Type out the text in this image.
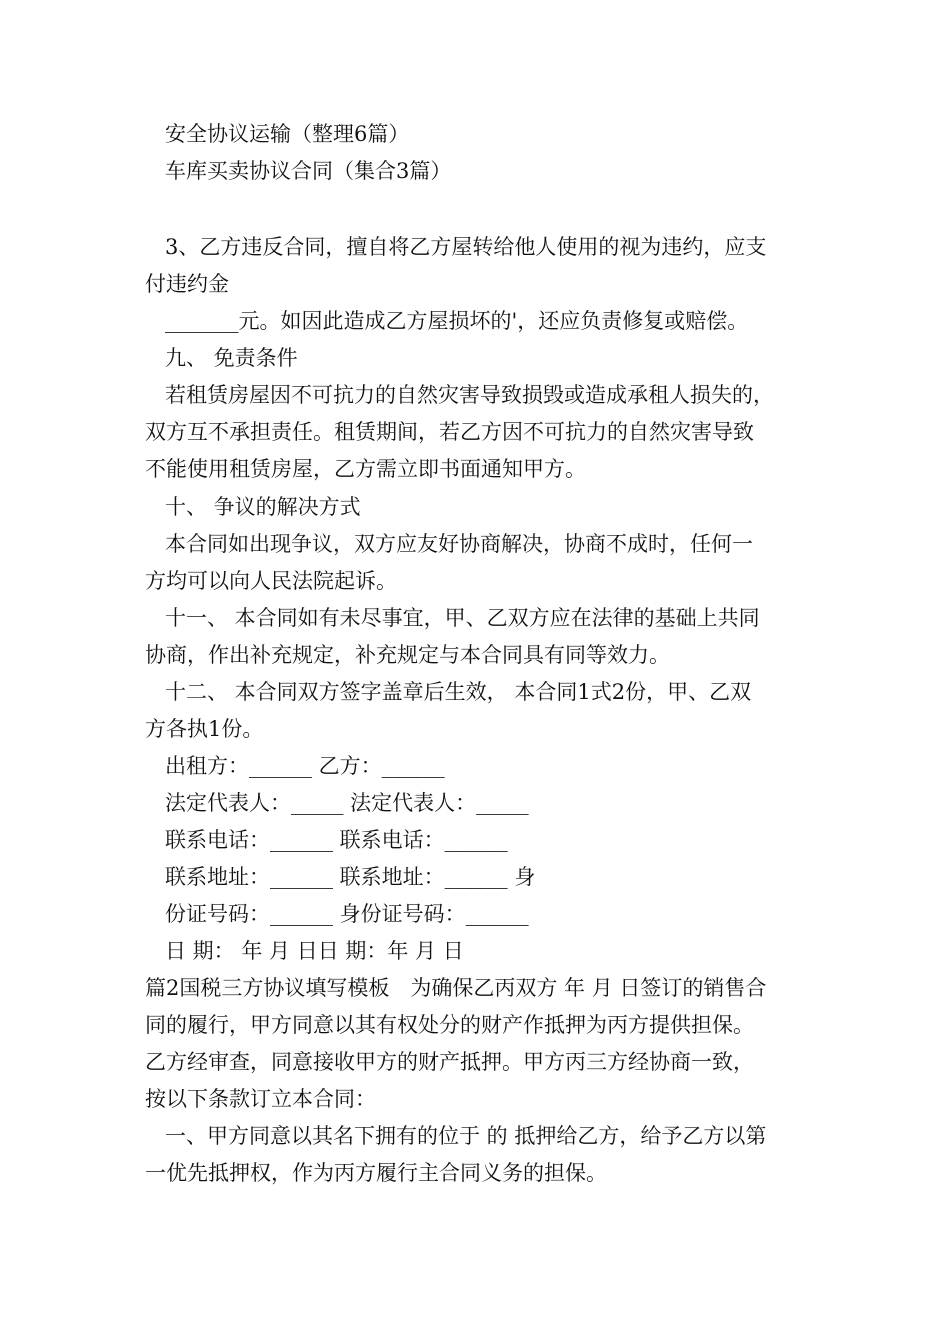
安全协议运输（整理6篇）
车库买卖协议合同（集合3篇）
3、乙方违反合同，擅自将乙方屋转给他人使用的视为违约，应支
付违约金
_______元。如因此造成乙方屋损坏的'，还应负责修复或赔偿。
九、 免责条件
若租赁房屋因不可抗力的自然灾害导致损毁或造成承租人损失的，
双方互不承担责任。租赁期间，若乙方因不可抗力的自然灾害导致
不能使用租赁房屋，乙方需立即书面通知甲方。
十、 争议的解决方式
本合同如出现争议，双方应友好协商解决，协商不成时，任何一
方均可以向人民法院起诉。
十一、 本合同如有未尽事宜，甲、乙双方应在法律的基础上共同
协商，作出补充规定，补充规定与本合同具有同等效力。
十二、 本合同双方签字盖章后生效， 本合同1式2份，甲、乙双
方各执1份。
出租方：______ 乙方：______
法定代表人：_____ 法定代表人：_____
联系电话：______ 联系电话：______
联系地址：______ 联系地址：______ 身
份证号码：______ 身份证号码：______
日 期： 年 月 日日 期：年 月 日
篇2国税三方协议填写模板　为确保乙丙双方 年 月 日签订的销售合
同的履行，甲方同意以其有权处分的财产作抵押为丙方提供担保。
乙方经审查，同意接收甲方的财产抵押。甲方丙三方经协商一致，
按以下条款订立本合同：
一、甲方同意以其名下拥有的位于 的 抵押给乙方，给予乙方以第
一优先抵押权，作为丙方履行主合同义务的担保。
